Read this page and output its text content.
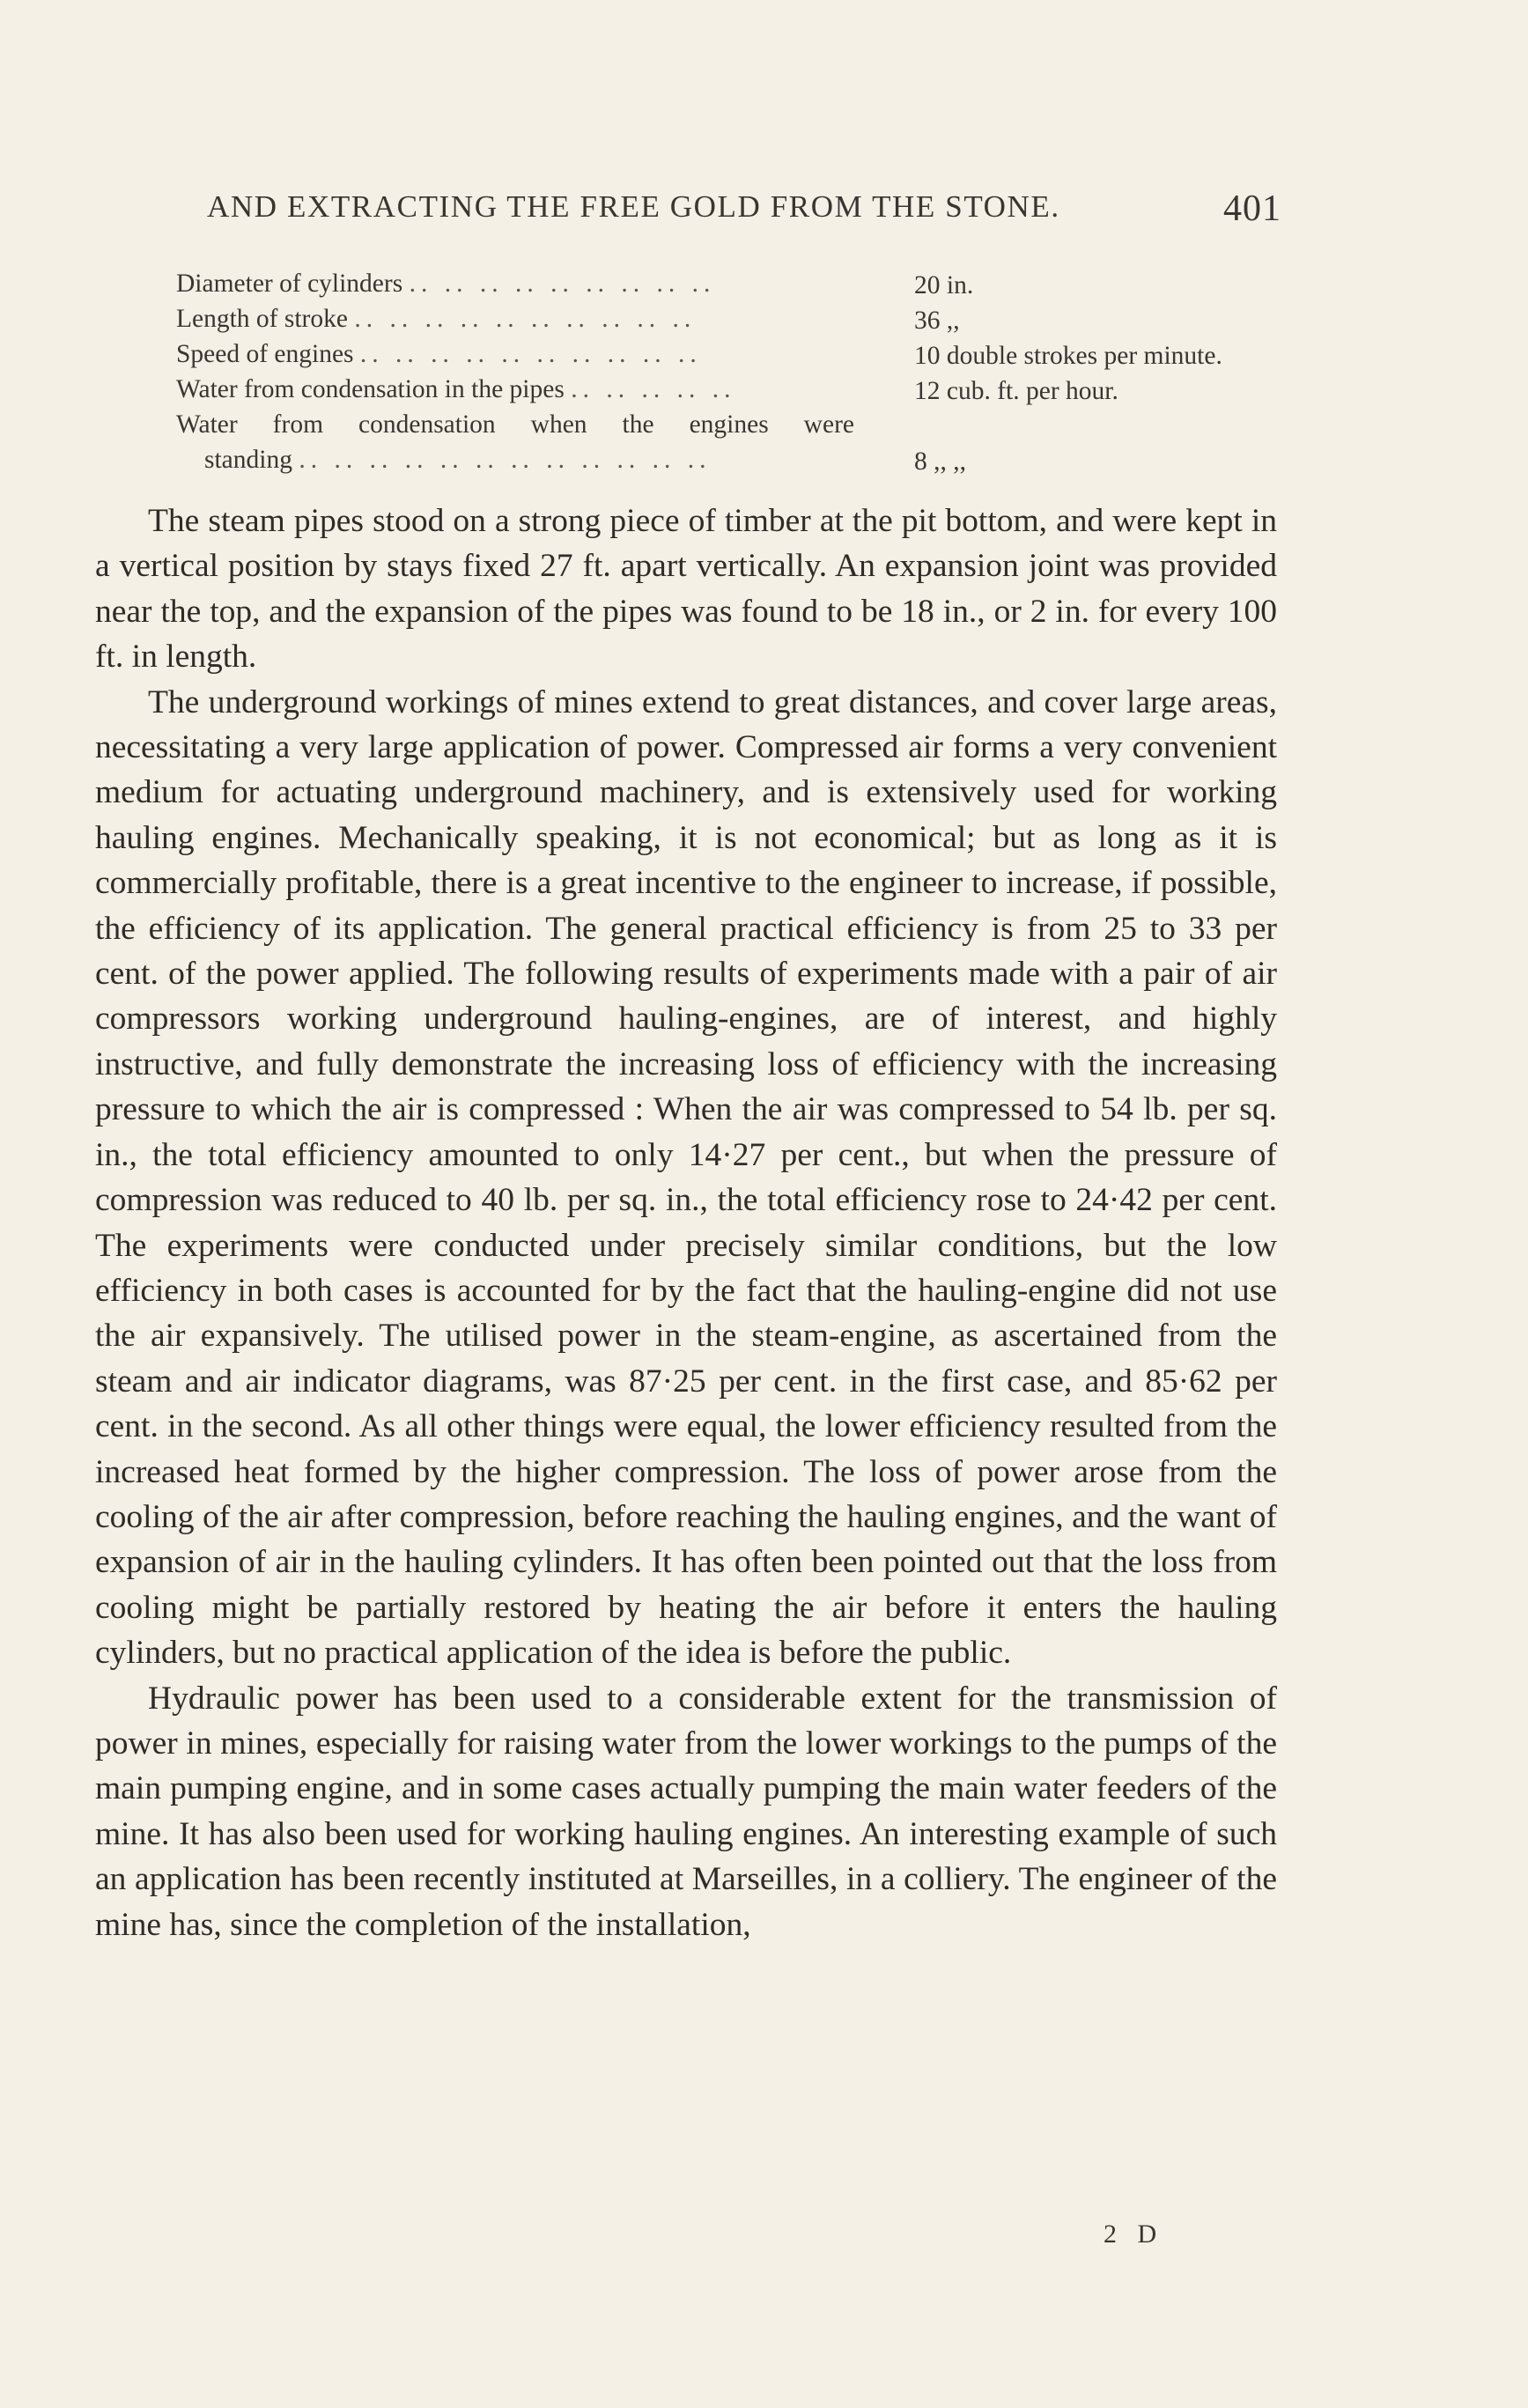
AND EXTRACTING THE FREE GOLD FROM THE STONE.	401
Diameter of cylinders .. .. .. .. .. .. .. .. ..	20 in.
Length of stroke .. .. .. .. .. .. .. .. .. ..	36 ,,
Speed of engines .. .. .. .. .. .. .. .. .. ..	10 double strokes per minute.
Water from condensation in the pipes .. .. .. .. ..	12 cub. ft. per hour.
Water from condensation when the engines were
standing .. .. .. .. .. .. .. .. .. .. .. ..	8 ,, ,,

The steam pipes stood on a strong piece of timber at the pit bottom, and were kept in a vertical position by stays fixed 27 ft. apart vertically. An expansion joint was provided near the top, and the expansion of the pipes was found to be 18 in., or 2 in. for every 100 ft. in length.

The underground workings of mines extend to great distances, and cover large areas, necessitating a very large application of power. Compressed air forms a very convenient medium for actuating underground machinery, and is extensively used for working hauling engines. Mechanically speaking, it is not economical; but as long as it is commercially profitable, there is a great incentive to the engineer to increase, if possible, the efficiency of its application. The general practical efficiency is from 25 to 33 per cent. of the power applied. The following results of experiments made with a pair of air compressors working underground hauling-engines, are of interest, and highly instructive, and fully demonstrate the increasing loss of efficiency with the increasing pressure to which the air is compressed : When the air was compressed to 54 lb. per sq. in., the total efficiency amounted to only 14·27 per cent., but when the pressure of compression was reduced to 40 lb. per sq. in., the total efficiency rose to 24·42 per cent. The experiments were conducted under precisely similar conditions, but the low efficiency in both cases is accounted for by the fact that the hauling-engine did not use the air expansively. The utilised power in the steam-engine, as ascertained from the steam and air indicator diagrams, was 87·25 per cent. in the first case, and 85·62 per cent. in the second. As all other things were equal, the lower efficiency resulted from the increased heat formed by the higher compression. The loss of power arose from the cooling of the air after compression, before reaching the hauling engines, and the want of expansion of air in the hauling cylinders. It has often been pointed out that the loss from cooling might be partially restored by heating the air before it enters the hauling cylinders, but no practical application of the idea is before the public.

Hydraulic power has been used to a considerable extent for the transmission of power in mines, especially for raising water from the lower workings to the pumps of the main pumping engine, and in some cases actually pumping the main water feeders of the mine. It has also been used for working hauling engines. An interesting example of such an application has been recently instituted at Marseilles, in a colliery. The engineer of the mine has, since the completion of the installation,

2 D
